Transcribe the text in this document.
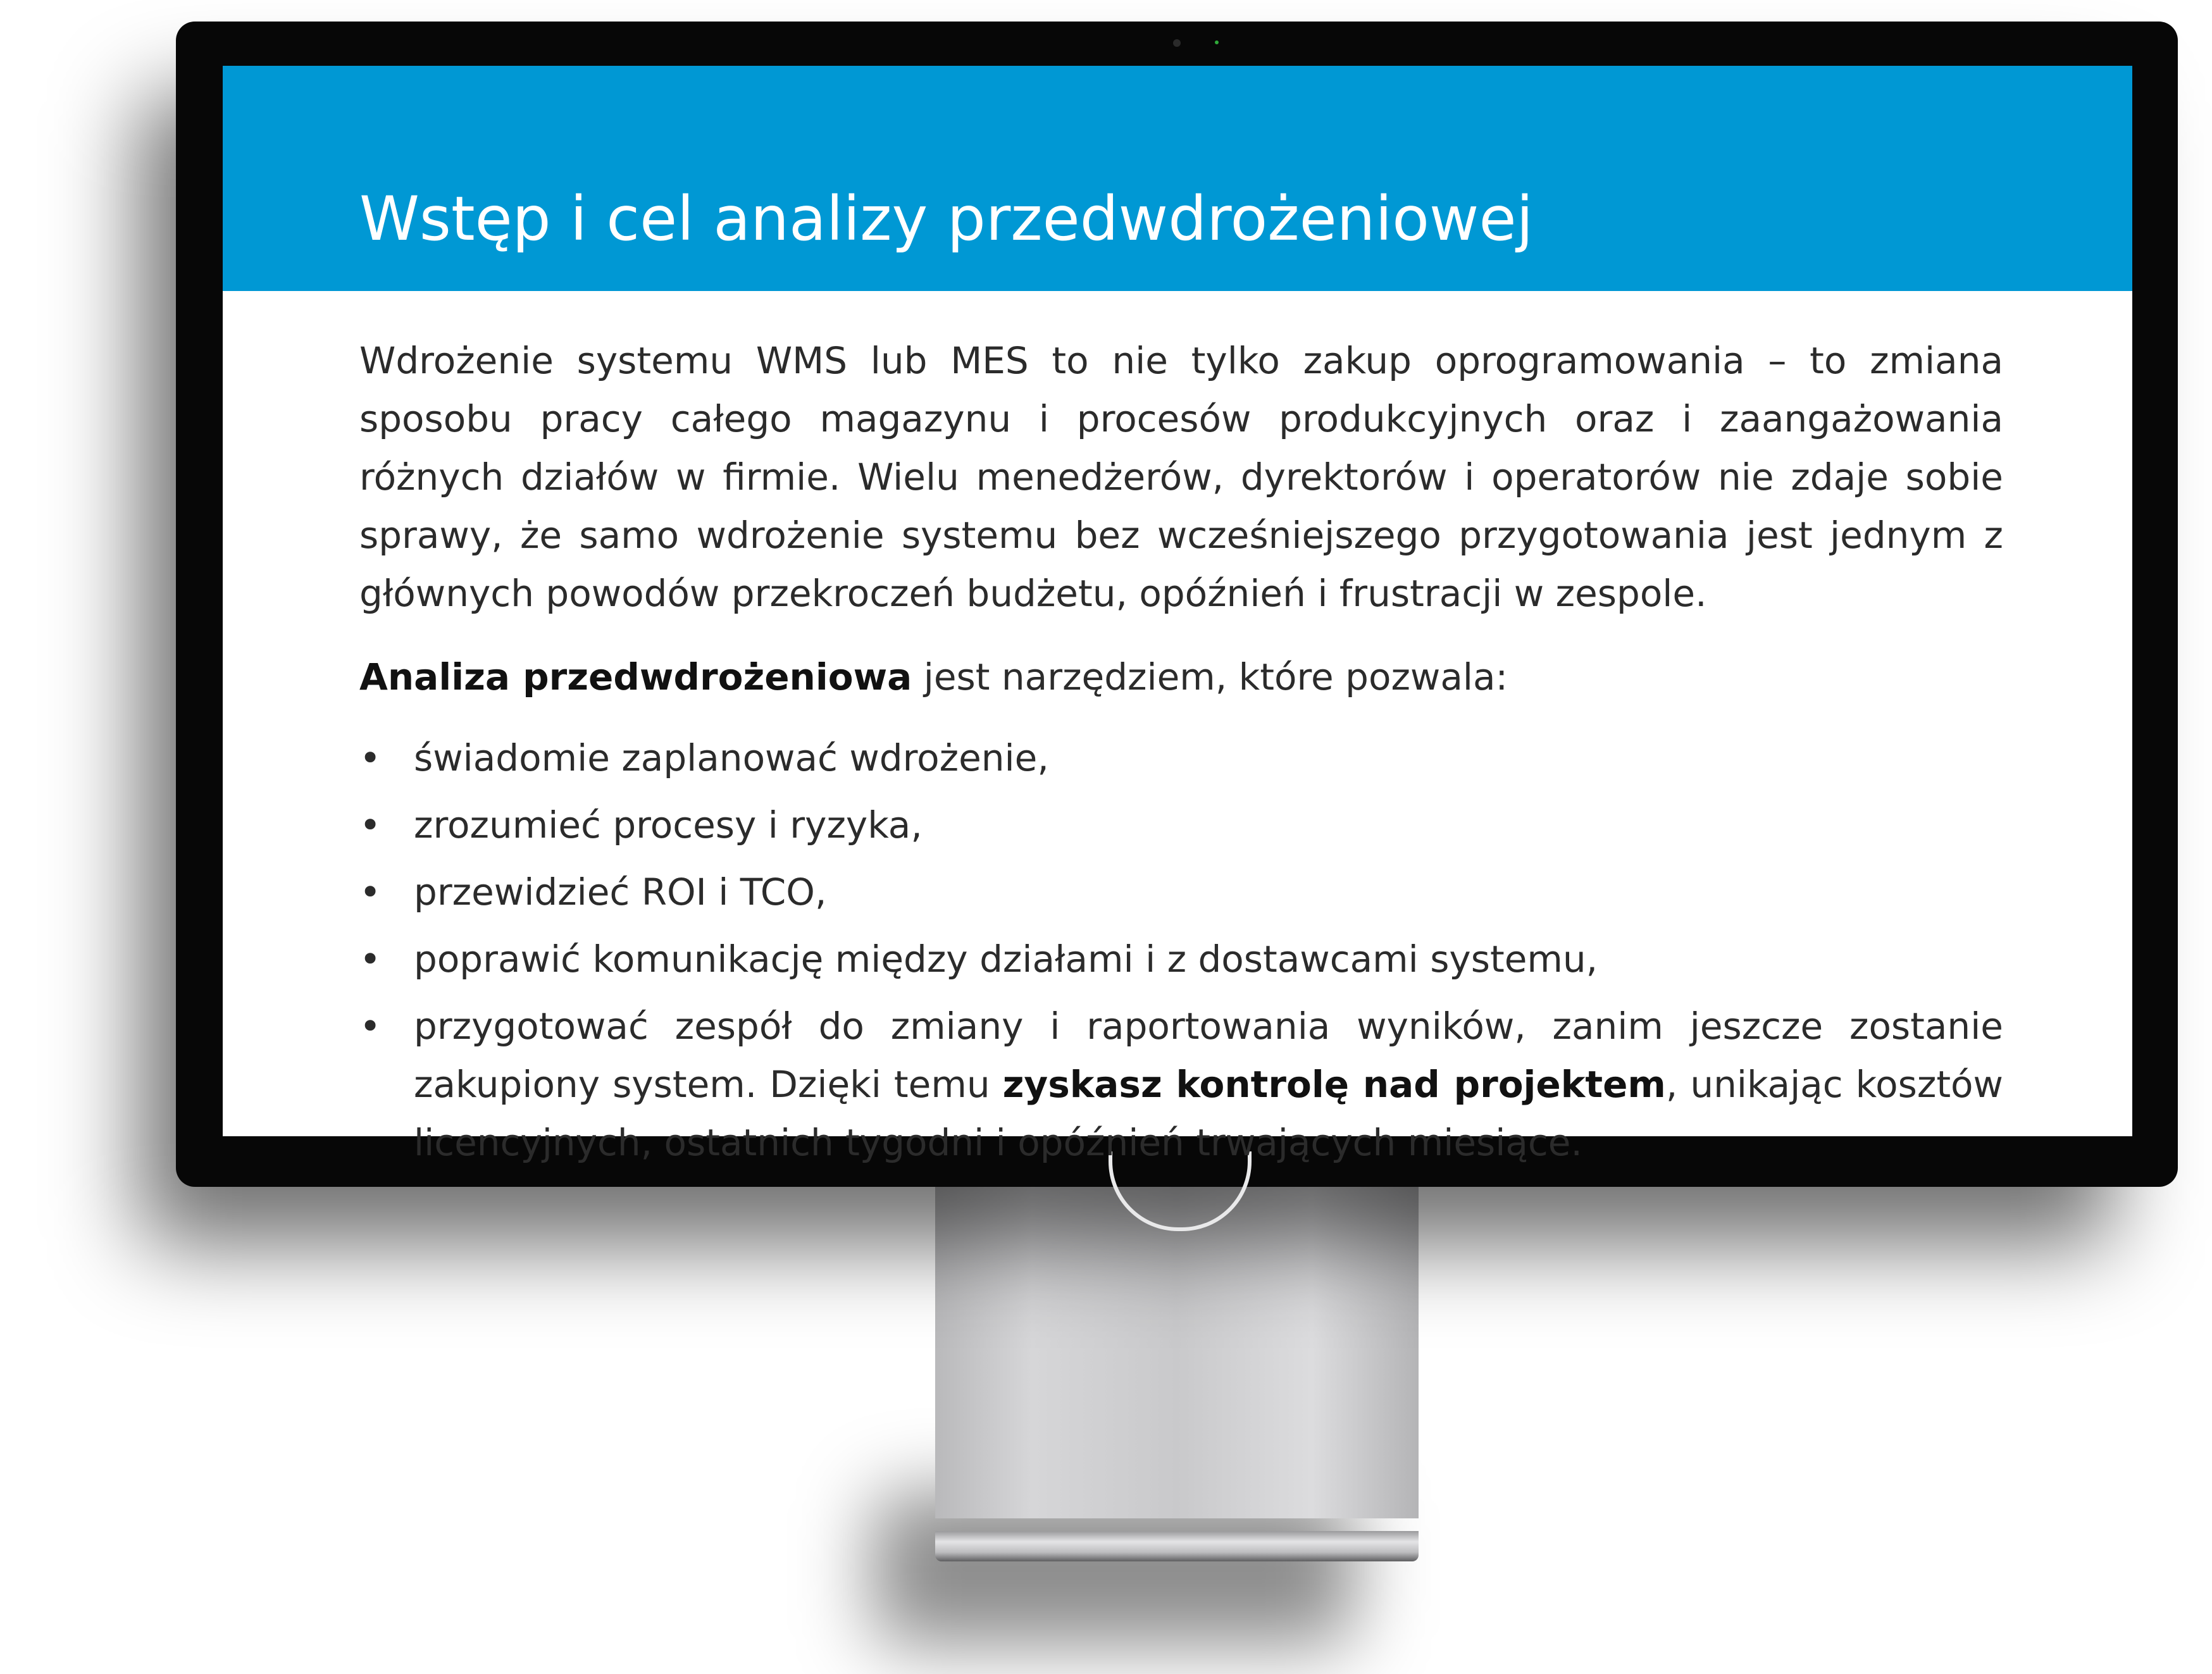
Wstęp i cel analizy przedwdrożeniowej

Wdrożenie systemu WMS lub MES to nie tylko zakup oprogramowania – to zmiana sposobu pracy całego magazynu i procesów produkcyjnych oraz i zaangażowania różnych działów w firmie. Wielu menedżerów, dyrektorów i operatorów nie zdaje sobie sprawy, że samo wdrożenie systemu bez wcześniejszego przygotowania jest jednym z głównych powodów przekroczeń budżetu, opóźnień i frustracji w zespole.

Analiza przedwdrożeniowa jest narzędziem, które pozwala:

• świadomie zaplanować wdrożenie,
• zrozumieć procesy i ryzyka,
• przewidzieć ROI i TCO,
• poprawić komunikację między działami i z dostawcami systemu,
• przygotować zespół do zmiany i raportowania wyników, zanim jeszcze zostanie zakupiony system. Dzięki temu zyskasz kontrolę nad projektem, unikając kosztów licencyjnych, ostatnich tygodni i opóźnień trwających miesiące.
